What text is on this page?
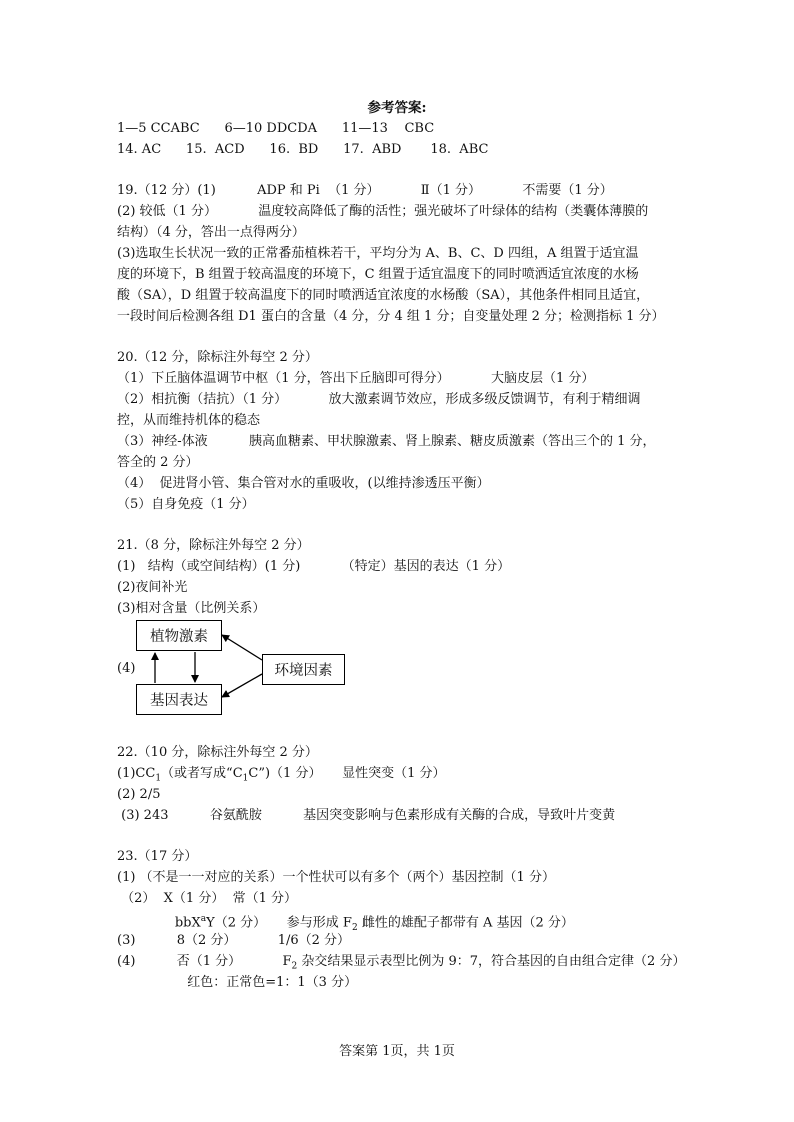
参考答案:
1—5 CCABC      6—10 DDCDA      11—13    CBC
14. AC      15.  ACD      16.  BD      17.  ABD       18.  ABC
19.（12 分）(1)          ADP 和 Pi  （1 分）          Ⅱ（1 分）          不需要（1 分）
(2) 较低（1 分）          温度较高降低了酶的活性；强光破坏了叶绿体的结构（类囊体薄膜的
结构）（4 分，答出一点得两分）
(3)选取生长状况一致的正常番茄植株若干，平均分为 A、B、C、D 四组，A 组置于适宜温
度的环境下，B 组置于较高温度的环境下，C 组置于适宜温度下的同时喷洒适宜浓度的水杨
酸（SA），D 组置于较高温度下的同时喷洒适宜浓度的水杨酸（SA），其他条件相同且适宜，
一段时间后检测各组 D1 蛋白的含量（4 分，分 4 组 1 分；自变量处理 2 分；检测指标 1 分）
20.（12 分，除标注外每空 2 分）
（1）下丘脑体温调节中枢（1 分，答出下丘脑即可得分）          大脑皮层（1 分）
（2）相抗衡（拮抗）（1 分）          放大激素调节效应，形成多级反馈调节，有利于精细调
控，从而维持机体的稳态
（3）神经-体液          胰高血糖素、甲状腺激素、肾上腺素、糖皮质激素（答出三个的 1 分，
答全的 2 分）
（4）  促进肾小管、集合管对水的重吸收，(以维持渗透压平衡）
（5）自身免疫（1 分）
21.（8 分，除标注外每空 2 分）
(1)   结构（或空间结构）(1 分)          （特定）基因的表达（1 分）
(2)夜间补光
(3)相对含量（比例关系）
(4)
植物激素
基因表达
环境因素
22.（10 分，除标注外每空 2 分）
$(1)CC_1$（或者写成“$C_1C”)(1$ 分）     显性突变（1 分）
(2) 2/5
(3) 243          谷氨酰胺          基因突变影响与色素形成有关酶的合成，导致叶片变黄
23.（17 分）
(1) （不是一一对应的关系）一个性状可以有多个（两个）基因控制（1 分）
（2）  X（1 分）  常（1 分）
bbX$^a$Y（2 分）     参与形成 $F_2$ 雌性的雄配子都带有 A 基因（2 分）
(3)          8（2 分）          1/6（2 分）
(4)          否（1 分）          $F_2$ 杂交结果显示表型比例为 9：7，符合基因的自由组合定律（2 分）
红色：正常色=1：1（3 分）
答案第 1页，共 1页
